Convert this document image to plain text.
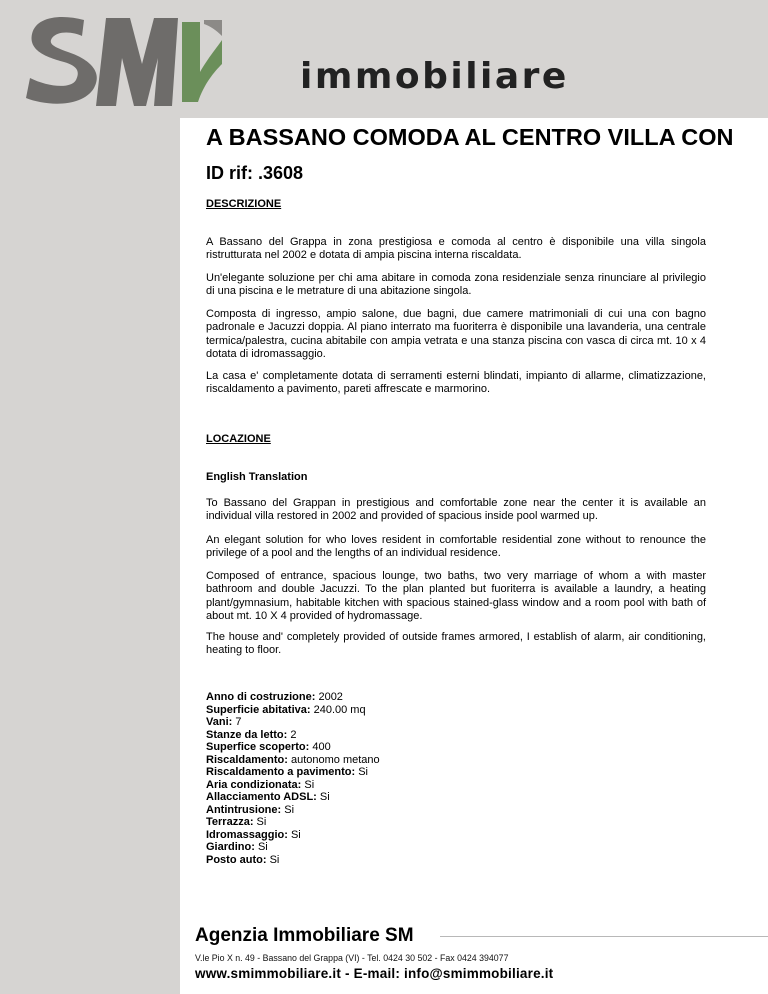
immobiliare
A BASSANO COMODA AL CENTRO VILLA CON
ID rif: .3608
DESCRIZIONE
A Bassano del Grappa in zona prestigiosa e comoda al centro è disponibile una villa singola ristrutturata nel 2002 e dotata di ampia piscina interna riscaldata.
Un'elegante soluzione per chi ama abitare in comoda zona residenziale senza rinunciare al privilegio di una piscina e le metrature di una abitazione singola.
Composta di ingresso, ampio salone, due bagni, due camere matrimoniali di cui una con bagno padronale e Jacuzzi doppia. Al piano interrato ma fuoriterra è disponibile una lavanderia, una centrale termica/palestra, cucina abitabile con ampia vetrata e una stanza piscina con vasca di circa mt. 10 x 4 dotata di idromassaggio.
La casa e' completamente dotata di serramenti esterni blindati, impianto di allarme, climatizzazione, riscaldamento a pavimento, pareti affrescate e marmorino.
LOCAZIONE
English Translation
To Bassano del Grappan in prestigious and comfortable zone near the center it is available an individual villa restored in 2002 and provided of spacious inside pool warmed up.
An elegant solution for who loves resident in comfortable residential zone without to renounce the privilege of a pool and the lengths of an individual residence.
Composed of entrance, spacious lounge, two baths, two very marriage of whom a with master bathroom and double Jacuzzi. To the plan planted but fuoriterra is available a laundry, a heating plant/gymnasium, habitable kitchen with spacious stained-glass window and a room pool with bath of about mt. 10 X 4 provided of hydromassage.
The house and' completely provided of outside frames armored, I establish of alarm, air conditioning, heating to floor.
Anno di costruzione: 2002
Superficie abitativa: 240.00 mq
Vani: 7
Stanze da letto: 2
Superfice scoperto: 400
Riscaldamento: autonomo metano
Riscaldamento a pavimento: Si
Aria condizionata: Si
Allacciamento ADSL: Si
Antintrusione: Si
Terrazza: Si
Idromassaggio: Si
Giardino: Si
Posto auto: Si
Agenzia Immobiliare SM
V.le Pio X n. 49 - Bassano del Grappa (VI) - Tel. 0424 30 502 - Fax 0424 394077
www.smimmobiliare.it - E-mail: info@smimmobiliare.it
